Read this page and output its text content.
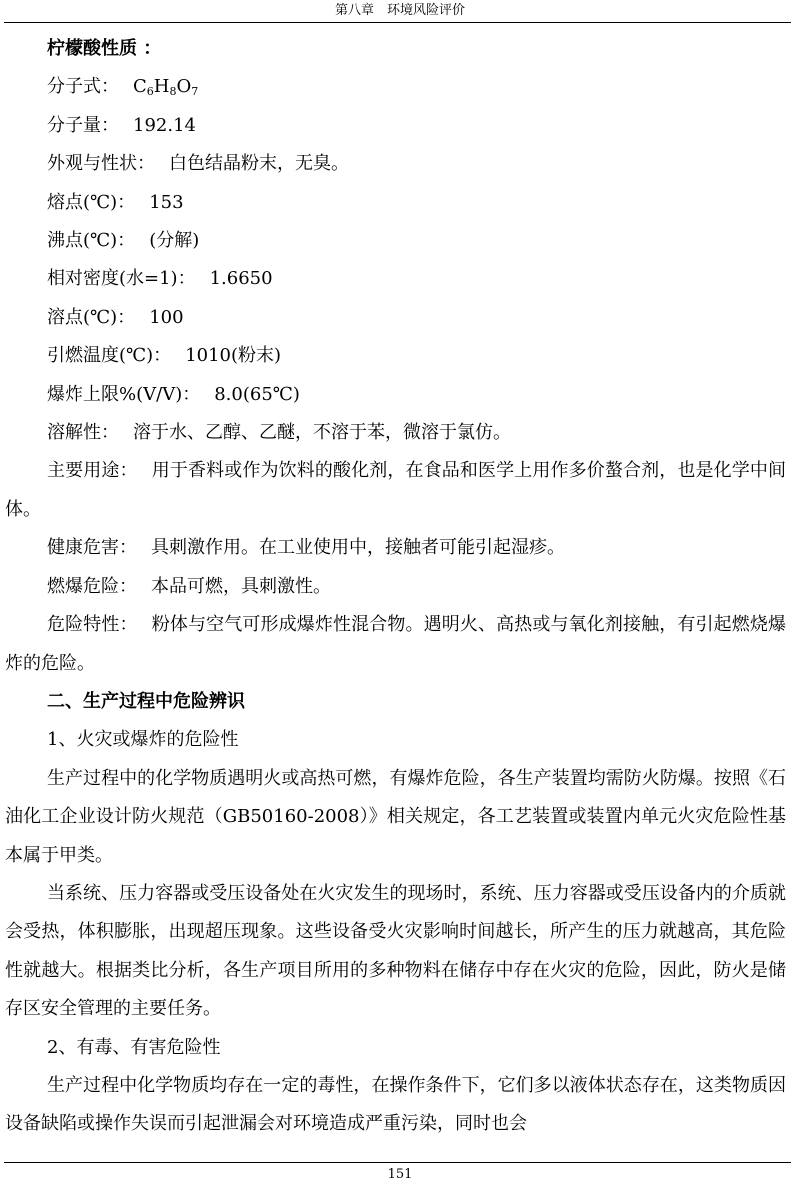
第八章　环境风险评价

柠檬酸性质 ：

分子式： $C_6H_8O_7$

分子量： 192.14

外观与性状： 白色结晶粉末，无臭。

熔点(℃)： 153

沸点(℃)： (分解)

相对密度(水=1)： 1.6650

溶点(℃)： 100

引燃温度(℃)： 1010(粉末)

爆炸上限%(V/V)： 8.0(65℃)

溶解性： 溶于水、乙醇、乙醚，不溶于苯，微溶于氯仿。

主要用途： 用于香料或作为饮料的酸化剂，在食品和医学上用作多价螯合剂，也是化学中间体。

健康危害： 具刺激作用。在工业使用中，接触者可能引起湿疹。

燃爆危险： 本品可燃，具刺激性。

危险特性： 粉体与空气可形成爆炸性混合物。遇明火、高热或与氧化剂接触，有引起燃烧爆炸的危险。

二、生产过程中危险辨识

1、火灾或爆炸的危险性

生产过程中的化学物质遇明火或高热可燃，有爆炸危险，各生产装置均需防火防爆。按照《石油化工企业设计防火规范（GB50160-2008）》相关规定，各工艺装置或装置内单元火灾危险性基本属于甲类。

当系统、压力容器或受压设备处在火灾发生的现场时，系统、压力容器或受压设备内的介质就会受热，体积膨胀，出现超压现象。这些设备受火灾影响时间越长，所产生的压力就越高，其危险性就越大。根据类比分析，各生产项目所用的多种物料在储存中存在火灾的危险，因此，防火是储存区安全管理的主要任务。

2、有毒、有害危险性

生产过程中化学物质均存在一定的毒性，在操作条件下，它们多以液体状态存在，这类物质因设备缺陷或操作失误而引起泄漏会对环境造成严重污染，同时也会

151
